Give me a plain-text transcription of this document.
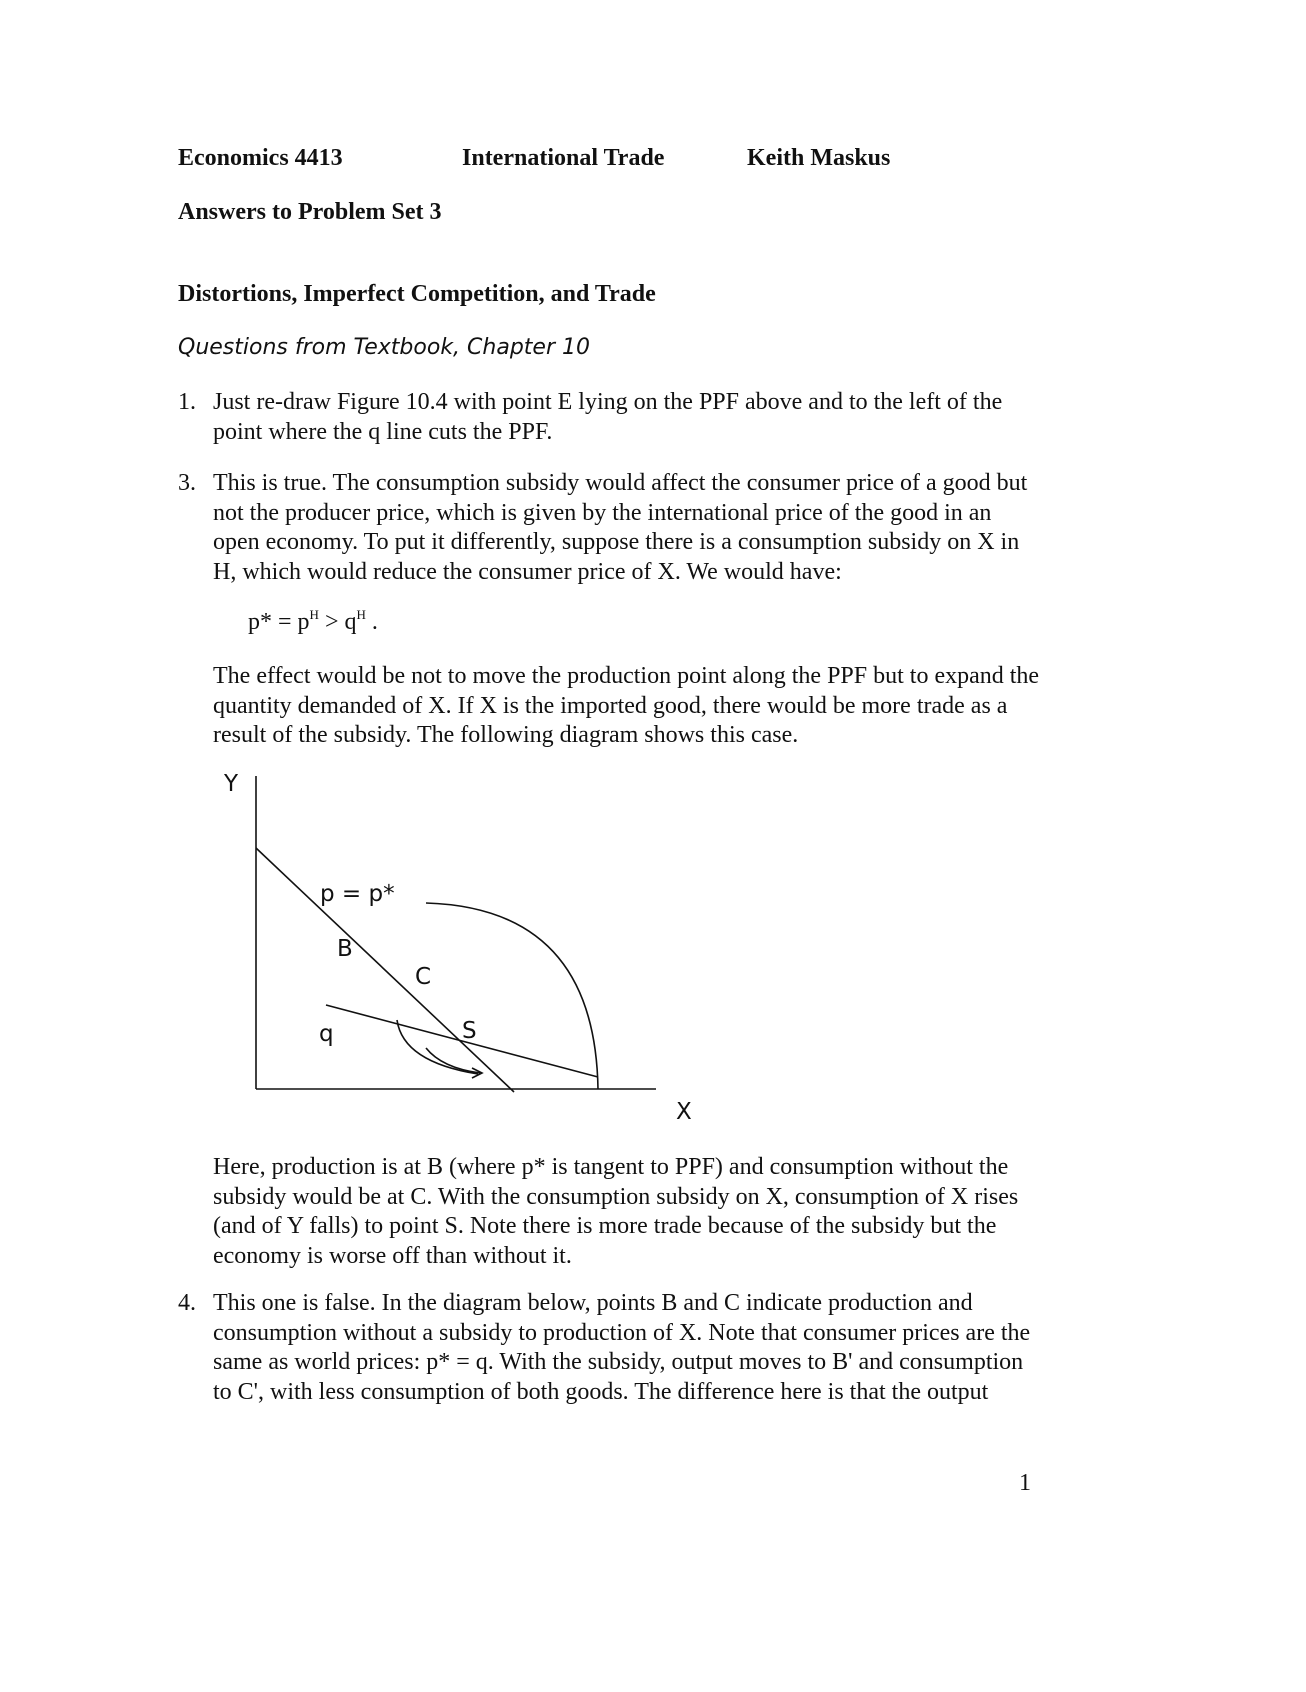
Economics 4413	International Trade	Keith Maskus
Answers to Problem Set 3
Distortions, Imperfect Competition, and Trade
Questions from Textbook, Chapter 10
1. Just re-draw Figure 10.4 with point E lying on the PPF above and to the left of the
point where the q line cuts the PPF.
3. This is true. The consumption subsidy would affect the consumer price of a good but
not the producer price, which is given by the international price of the good in an
open economy. To put it differently, suppose there is a consumption subsidy on X in
H, which would reduce the consumer price of X. We would have:
$p* = p^H > q^H$ .
The effect would be not to move the production point along the PPF but to expand the
quantity demanded of X. If X is the imported good, there would be more trade as a
result of the subsidy. The following diagram shows this case.
Y
X
p = p*
q
B
C
S
Here, production is at B (where p* is tangent to PPF) and consumption without the
subsidy would be at C. With the consumption subsidy on X, consumption of X rises
(and of Y falls) to point S. Note there is more trade because of the subsidy but the
economy is worse off than without it.
4. This one is false. In the diagram below, points B and C indicate production and
consumption without a subsidy to production of X. Note that consumer prices are the
same as world prices: p* = q. With the subsidy, output moves to B' and consumption
to C', with less consumption of both goods. The difference here is that the output
1
